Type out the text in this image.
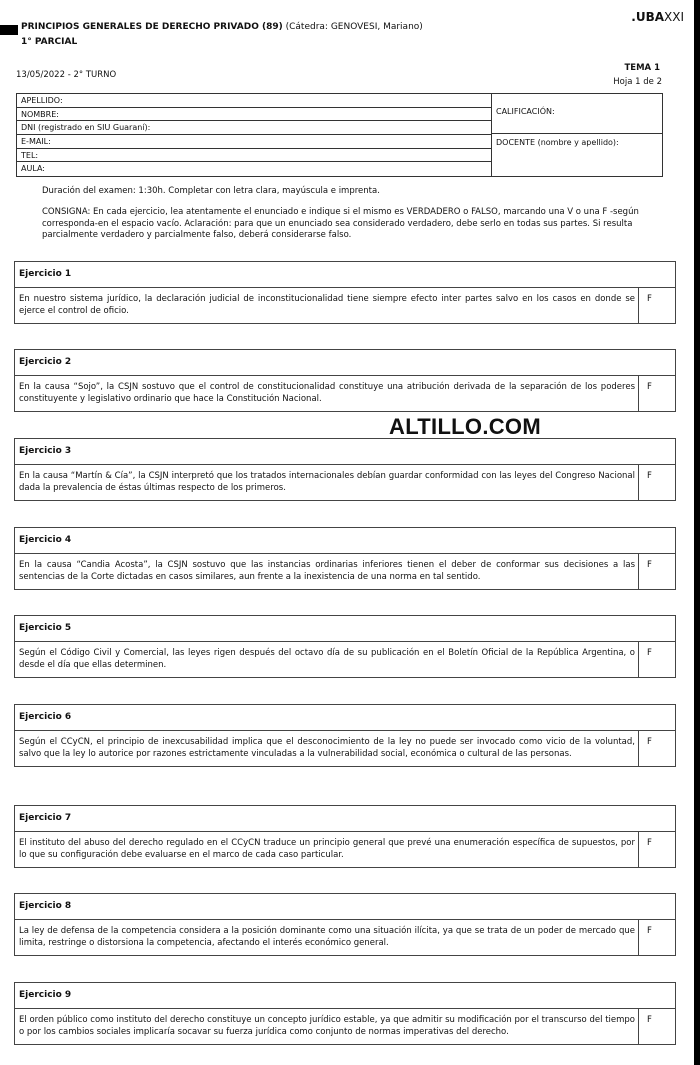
PRINCIPIOS GENERALES DE DERECHO PRIVADO (89) (Cátedra: GENOVESI, Mariano)
1° PARCIAL
.UBAXXI
13/05/2022 - 2° TURNO
TEMA 1
Hoja 1 de 2
APELLIDO:
NOMBRE:
DNI (registrado en SIU Guaraní):
E-MAIL:
TEL:
AULA:
CALIFICACIÓN:
DOCENTE (nombre y apellido):
Duración del examen: 1:30h. Completar con letra clara, mayúscula e imprenta.
CONSIGNA: En cada ejercicio, lea atentamente el enunciado e indique si el mismo es VERDADERO o FALSO, marcando una V o una F -según corresponda-en el espacio vacío. Aclaración: para que un enunciado sea considerado verdadero, debe serlo en todas sus partes. Si resulta parcialmente verdadero y parcialmente falso, deberá considerarse falso.
Ejercicio 1
En nuestro sistema jurídico, la declaración judicial de inconstitucionalidad tiene siempre efecto inter partes salvo en los casos en donde se ejerce el control de oficio.
F
Ejercicio 2
En la causa “Sojo”, la CSJN sostuvo que el control de constitucionalidad constituye una atribución derivada de la separación de los poderes constituyente y legislativo ordinario que hace la Constitución Nacional.
F
Ejercicio 3
En la causa “Martín & Cía”, la CSJN interpretó que los tratados internacionales debían guardar conformidad con las leyes del Congreso Nacional dada la prevalencia de éstas últimas respecto de los primeros.
F
Ejercicio 4
En la causa “Candia Acosta”, la CSJN sostuvo que las instancias ordinarias inferiores tienen el deber de conformar sus decisiones a las sentencias de la Corte dictadas en casos similares, aun frente a la inexistencia de una norma en tal sentido.
F
Ejercicio 5
Según el Código Civil y Comercial, las leyes rigen después del octavo día de su publicación en el Boletín Oficial de la República Argentina, o desde el día que ellas determinen.
F
Ejercicio 6
Según el CCyCN, el principio de inexcusabilidad implica que el desconocimiento de la ley no puede ser invocado como vicio de la voluntad, salvo que la ley lo autorice por razones estrictamente vinculadas a la vulnerabilidad social, económica o cultural de las personas.
F
Ejercicio 7
El instituto del abuso del derecho regulado en el CCyCN traduce un principio general que prevé una enumeración específica de supuestos, por lo que su configuración debe evaluarse en el marco de cada caso particular.
F
Ejercicio 8
La ley de defensa de la competencia considera a la posición dominante como una situación ilícita, ya que se trata de un poder de mercado que limita, restringe o distorsiona la competencia, afectando el interés económico general.
F
Ejercicio 9
El orden público como instituto del derecho constituye un concepto jurídico estable, ya que admitir su modificación por el transcurso del tiempo o por los cambios sociales implicaría socavar su fuerza jurídica como conjunto de normas imperativas del derecho.
F
ALTILLO.COM
